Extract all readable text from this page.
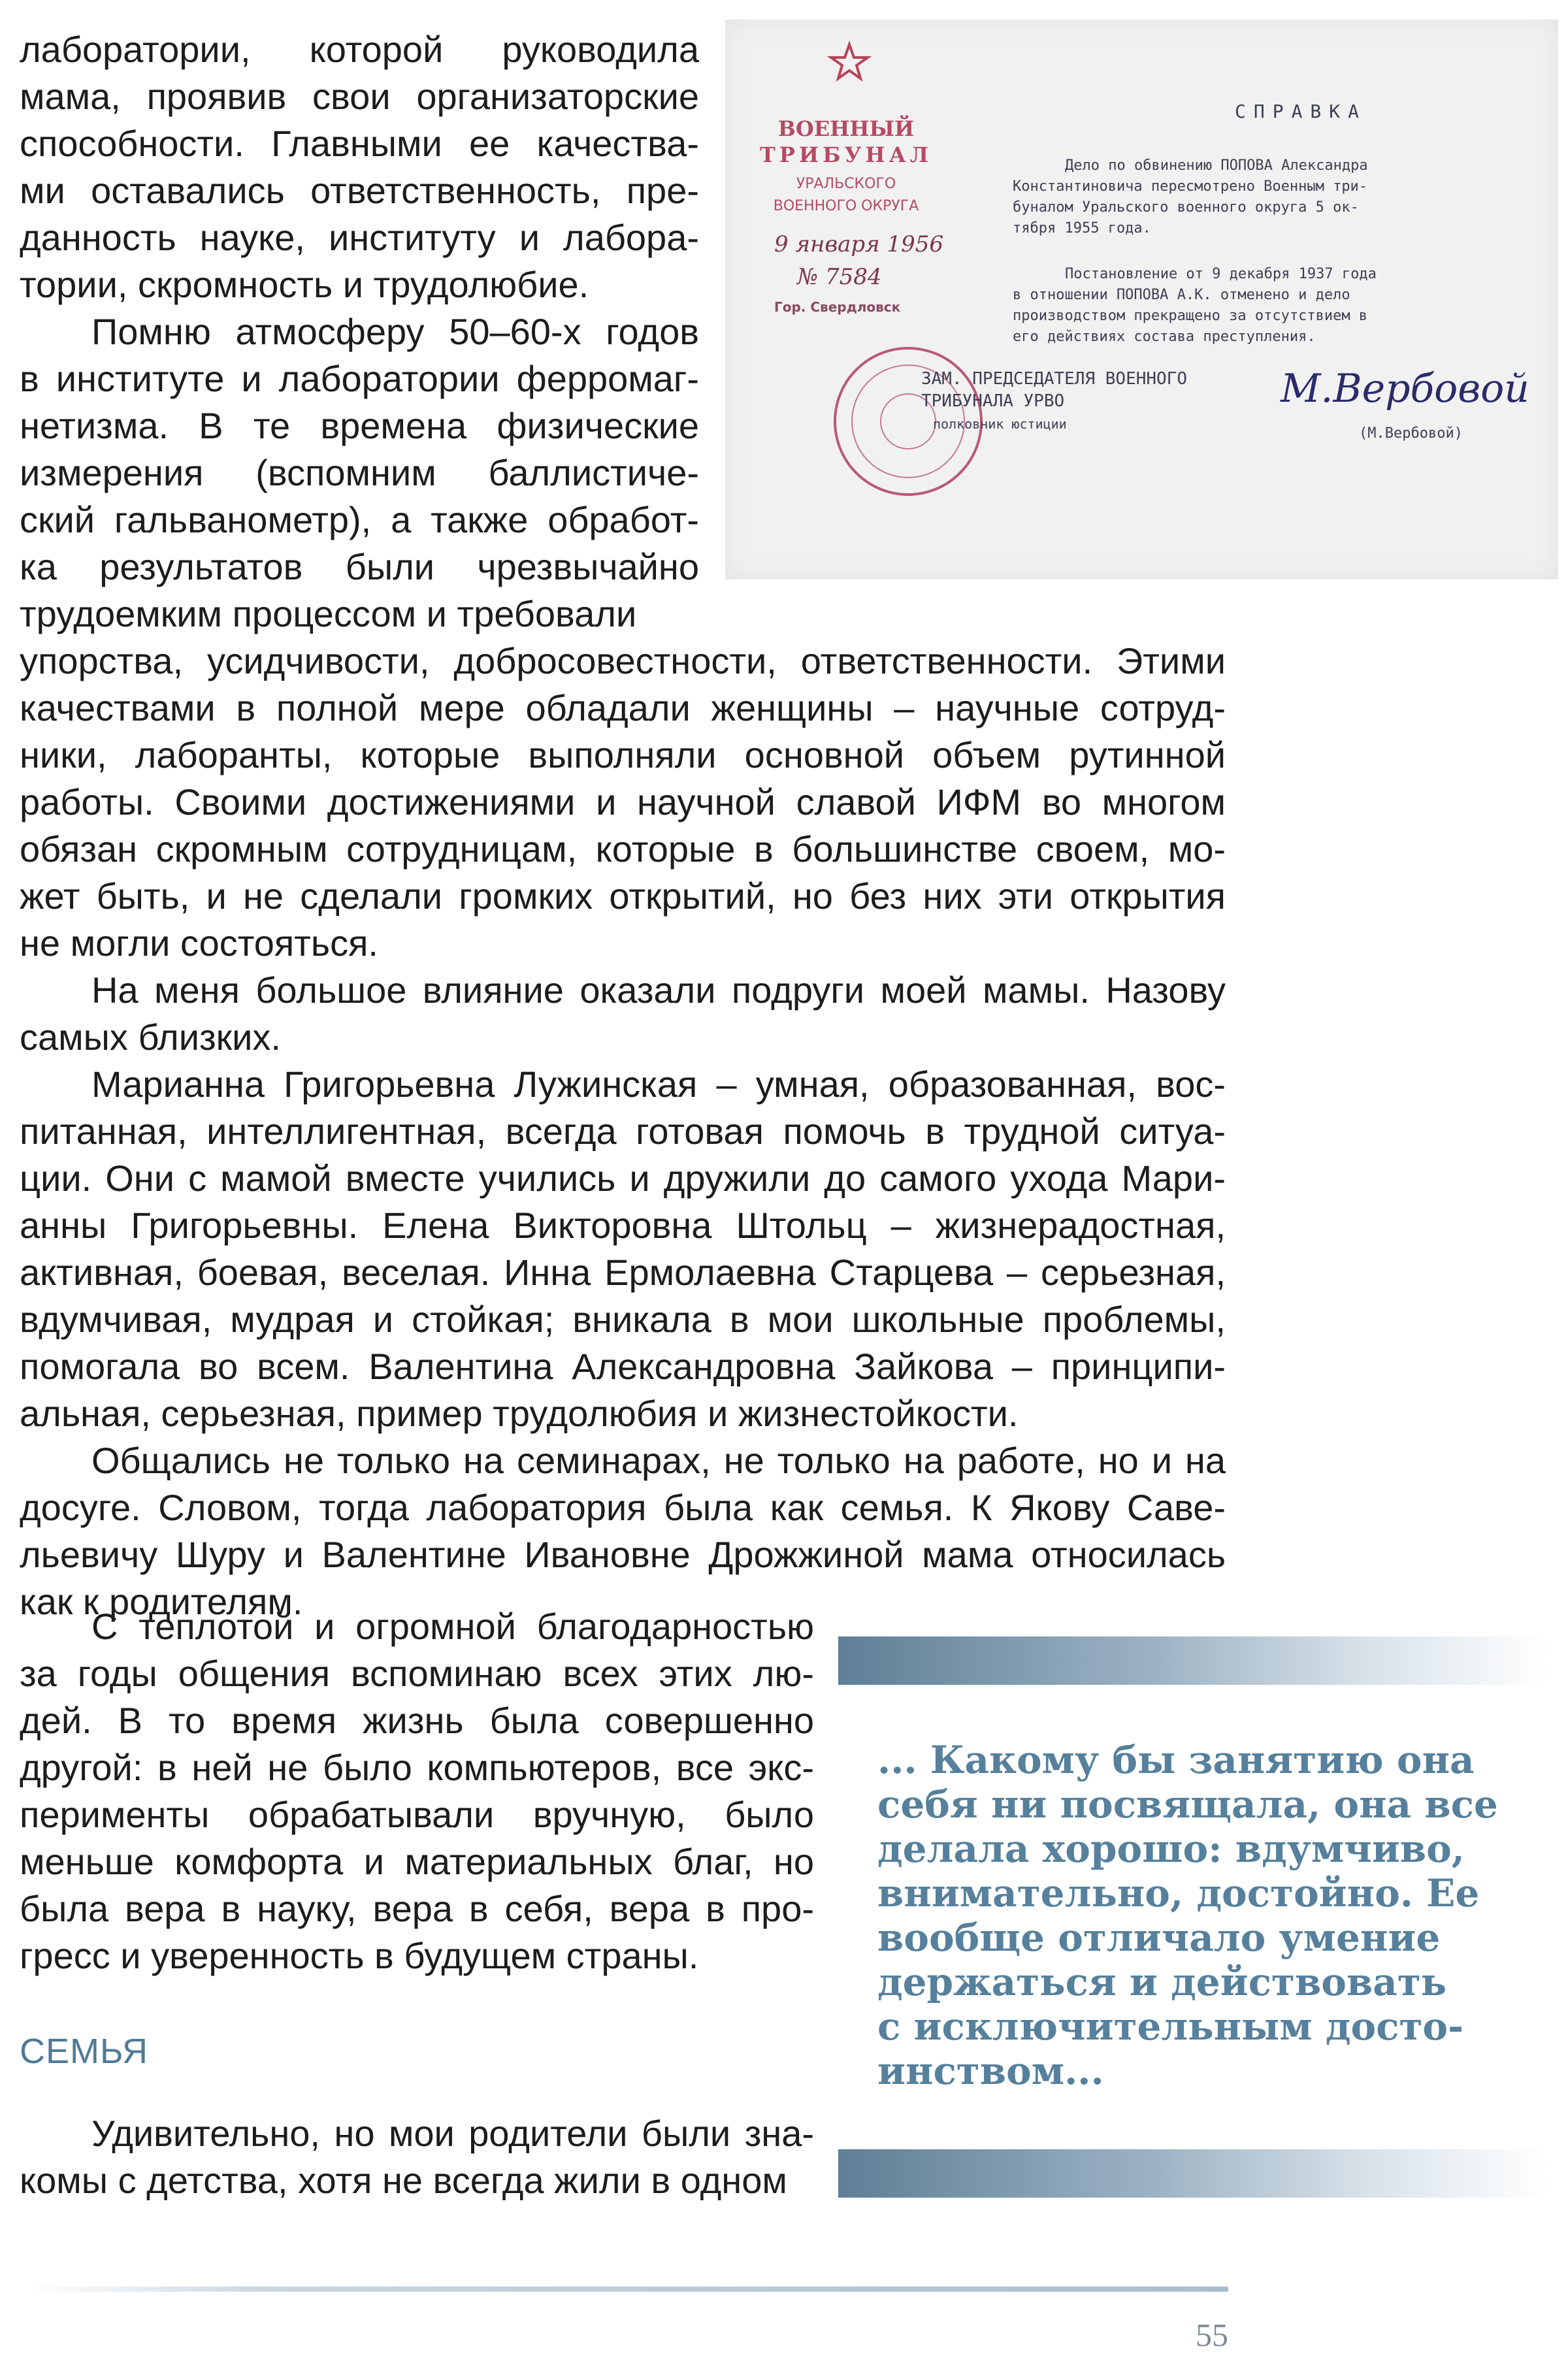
ВОЕННЫЙ
ТРИБУНАЛ
УРАЛЬСКОГО
ВОЕННОГО ОКРУГА
9 января 1956
№ 7584
Гор. Свердловск
СПРАВКА
Дело по обвинению ПОПОВА Александра
Константиновича пересмотрено Военным три-
буналом Уральского военного округа 5 ок-
тября 1955 года.
Постановление от 9 декабря 1937 года
в отношении ПОПОВА А.К. отменено и дело
производством прекращено за отсутствием в
его действиях состава преступления.
ЗАМ. ПРЕДСЕДАТЕЛЯ ВОЕННОГО
ТРИБУНАЛА УРВО
полковник юстиции
(М.Вербовой)
М.Вербовой
лаборатории, которой руководила
мама, проявив свои организаторские
способности. Главными ее качества-
ми оставались ответственность, пре-
данность науке, институту и лабора-
тории, скромность и трудолюбие.
Помню атмосферу 50–60-х годов
в институте и лаборатории ферромаг-
нетизма. В те времена физические
измерения (вспомним баллистиче-
ский гальванометр), а также обработ-
ка результатов были чрезвычайно
трудоемким процессом и требовали
упорства, усидчивости, добросовестности, ответственности. Этими
качествами в полной мере обладали женщины – научные сотруд-
ники, лаборанты, которые выполняли основной объем рутинной
работы. Своими достижениями и научной славой ИФМ во многом
обязан скромным сотрудницам, которые в большинстве своем, мо-
жет быть, и не сделали громких открытий, но без них эти открытия
не могли состояться.
На меня большое влияние оказали подруги моей мамы. Назову
самых близких.
Марианна Григорьевна Лужинская – умная, образованная, вос-
питанная, интеллигентная, всегда готовая помочь в трудной ситуа-
ции. Они с мамой вместе учились и дружили до самого ухода Мари-
анны Григорьевны. Елена Викторовна Штольц – жизнерадостная,
активная, боевая, веселая. Инна Ермолаевна Старцева – серьезная,
вдумчивая, мудрая и стойкая; вникала в мои школьные проблемы,
помогала во всем. Валентина Александровна Зайкова – принципи-
альная, серьезная, пример трудолюбия и жизнестойкости.
Общались не только на семинарах, не только на работе, но и на
досуге. Словом, тогда лаборатория была как семья. К Якову Саве-
льевичу Шуру и Валентине Ивановне Дрожжиной мама относилась
как к родителям.
С теплотой и огромной благодарностью
за годы общения вспоминаю всех этих лю-
дей. В то время жизнь была совершенно
другой: в ней не было компьютеров, все экс-
перименты обрабатывали вручную, было
меньше комфорта и материальных благ, но
была вера в науку, вера в себя, вера в про-
гресс и уверенность в будущем страны.
Удивительно, но мои родители были зна-
комы с детства, хотя не всегда жили в одном
СЕМЬЯ
... Какому бы занятию она
себя ни посвящала, она все
делала хорошо: вдумчиво,
внимательно, достойно. Ее
вообще отличало умение
держаться и действовать
с исключительным досто-
инством...
55
